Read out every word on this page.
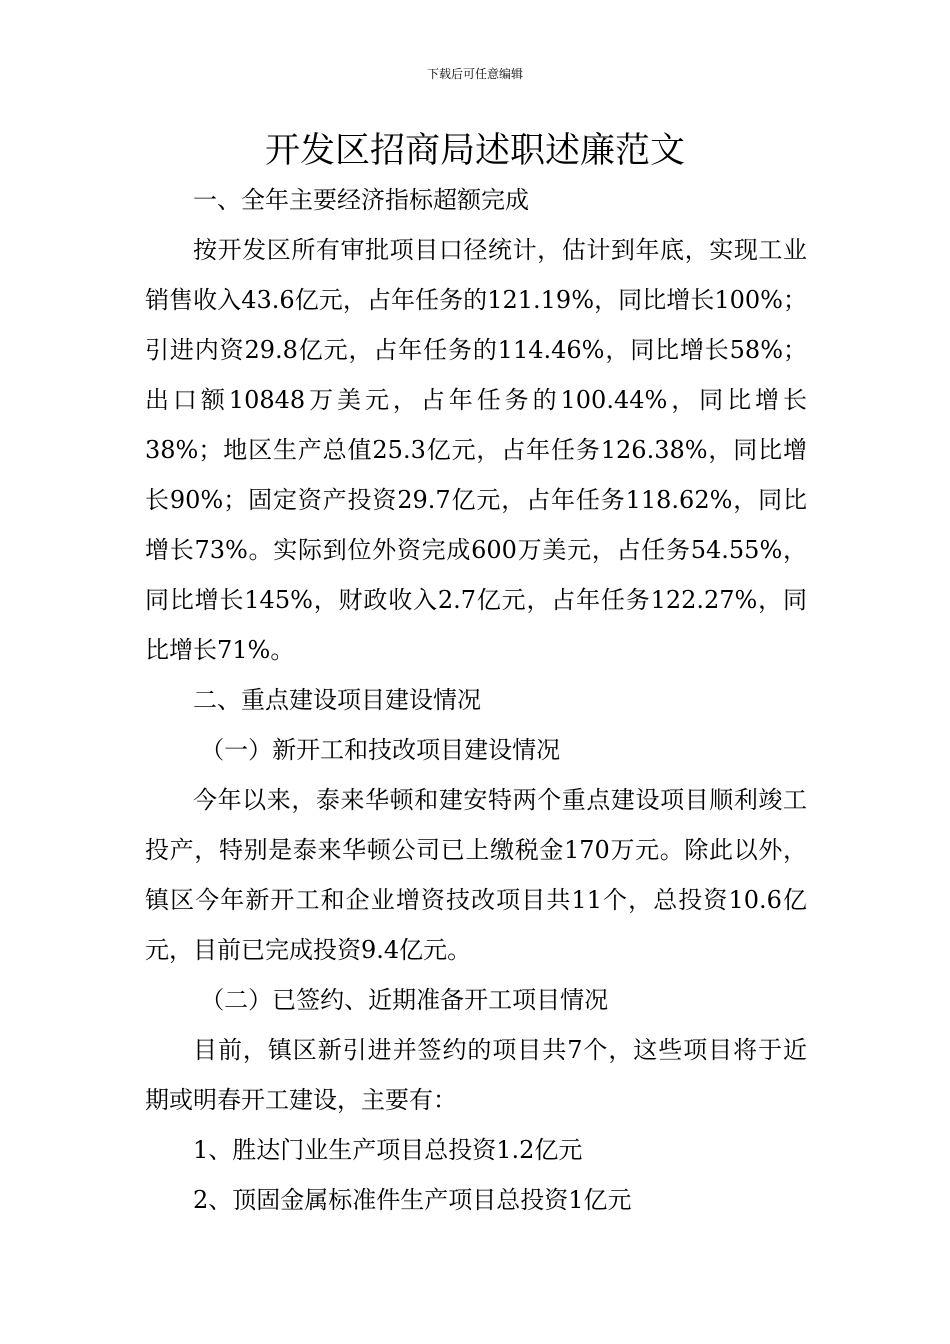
下载后可任意编辑
开发区招商局述职述廉范文

一、全年主要经济指标超额完成

按开发区所有审批项目口径统计，估计到年底，实现工业销售收入43.6亿元，占年任务的121.19%，同比增长100%；引进内资29.8亿元，占年任务的114.46%，同比增长58%；出口额10848万美元，占年任务的100.44%，同比增长38%；地区生产总值25.3亿元，占年任务126.38%，同比增长90%；固定资产投资29.7亿元，占年任务118.62%，同比增长73%。实际到位外资完成600万美元，占任务54.55%，同比增长145%，财政收入2.7亿元，占年任务122.27%，同比增长71%。

二、重点建设项目建设情况

（一）新开工和技改项目建设情况

今年以来，泰来华顿和建安特两个重点建设项目顺利竣工投产，特别是泰来华顿公司已上缴税金170万元。除此以外，镇区今年新开工和企业增资技改项目共11个，总投资10.6亿元，目前已完成投资9.4亿元。

（二）已签约、近期准备开工项目情况

目前，镇区新引进并签约的项目共7个，这些项目将于近期或明春开工建设，主要有：

1、胜达门业生产项目总投资1.2亿元

2、顶固金属标准件生产项目总投资1亿元
